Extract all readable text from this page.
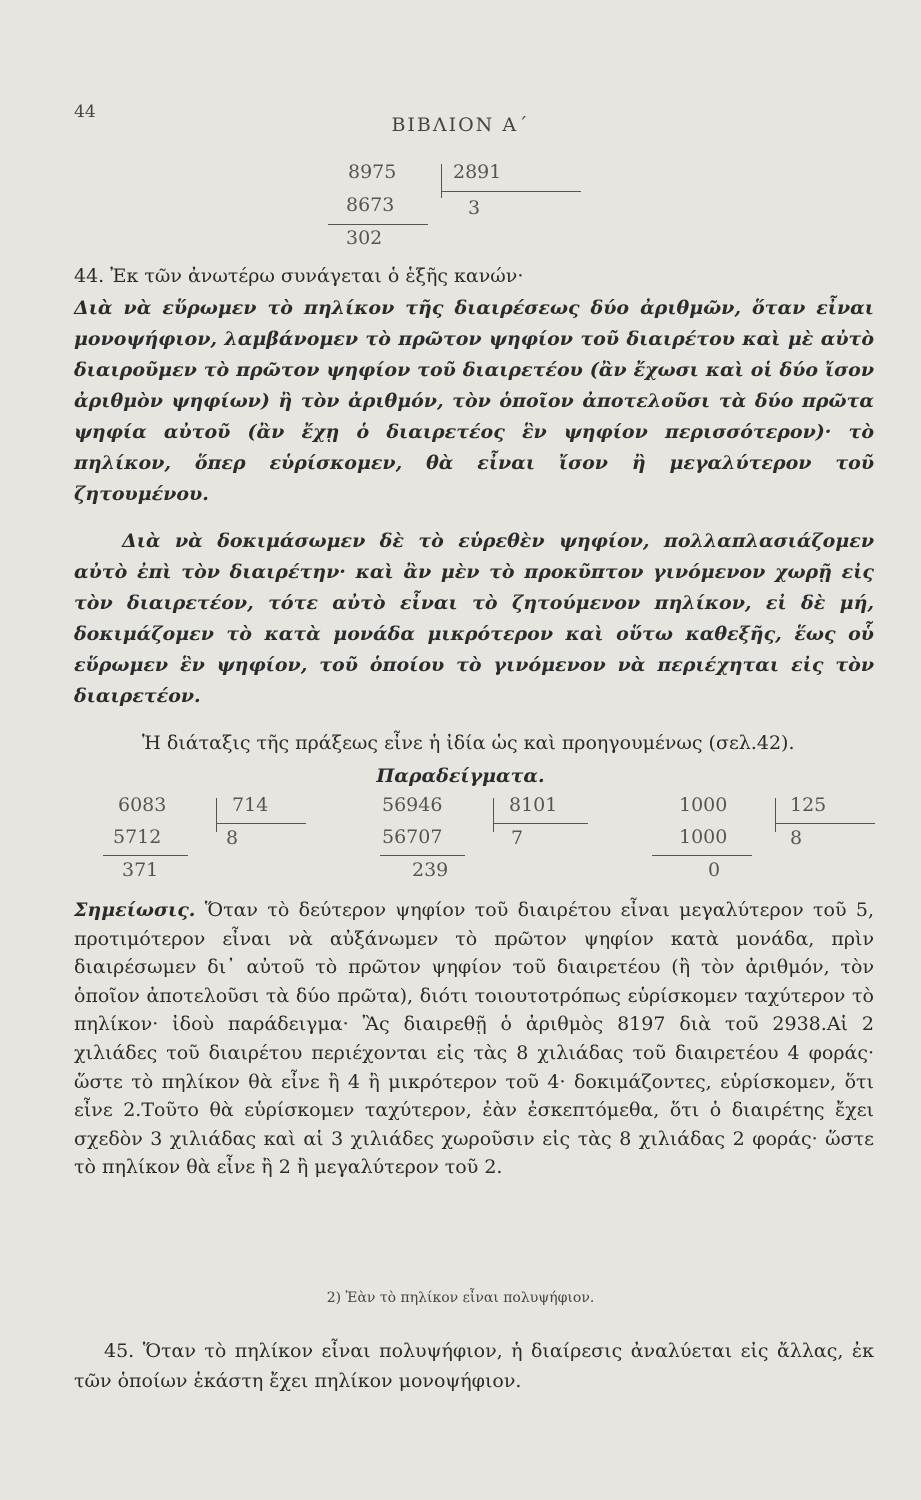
44
ΒΙΒΛΙΟΝ Α΄
8975	2891
8673	3
302

44. Ἐκ τῶν ἀνωτέρω συνάγεται ὁ ἑξῆς κανών·

Διὰ νὰ εὕρωμεν τὸ πηλίκον τῆς διαιρέσεως δύο ἀριθμῶν, ὅταν εἶναι μονοψήφιον, λαμβάνομεν τὸ πρῶτον ψηφίον τοῦ διαιρέτου καὶ μὲ αὐτὸ διαιροῦμεν τὸ πρῶτον ψηφίον τοῦ διαιρετέου (ἂν ἔχωσι καὶ οἱ δύο ἴσον ἀριθμὸν ψηφίων) ἢ τὸν ἀριθμόν, τὸν ὁποῖον ἀποτελοῦσι τὰ δύο πρῶτα ψηφία αὐτοῦ (ἂν ἔχῃ ὁ διαιρετέος ἓν ψηφίον περισσότερον)· τὸ πηλίκον, ὅπερ εὑρίσκομεν, θὰ εἶναι ἴσον ἢ μεγαλύτερον τοῦ ζητουμένου.

Διὰ νὰ δοκιμάσωμεν δὲ τὸ εὑρεθὲν ψηφίον, πολλαπλασιάζομεν αὐτὸ ἐπὶ τὸν διαιρέτην· καὶ ἂν μὲν τὸ προκῦπτον γινόμενον χωρῇ εἰς τὸν διαιρετέον, τότε αὐτὸ εἶναι τὸ ζητούμενον πηλίκον, εἰ δὲ μή, δοκιμάζομεν τὸ κατὰ μονάδα μικρότερον καὶ οὕτω καθεξῆς, ἕως οὗ εὕρωμεν ἓν ψηφίον, τοῦ ὁποίου τὸ γινόμενον νὰ περιέχηται εἰς τὸν διαιρετέον.

Ἡ διάταξις τῆς πράξεως εἶνε ἡ ἰδία ὡς καὶ προηγουμένως (σελ.42).

Παραδείγματα.
6083	714
5712	8
371
56946	8101
56707	7
239
1000	125
1000	8
0

Σημείωσις. Ὅταν τὸ δεύτερον ψηφίον τοῦ διαιρέτου εἶναι μεγαλύτερον τοῦ 5, προτιμότερον εἶναι νὰ αὐξάνωμεν τὸ πρῶτον ψηφίον κατὰ μονάδα, πρὶν διαιρέσωμεν δι᾿ αὐτοῦ τὸ πρῶτον ψηφίον τοῦ διαιρετέου (ἢ τὸν ἀριθμόν, τὸν ὁποῖον ἀποτελοῦσι τὰ δύο πρῶτα), διότι τοιουτοτρόπως εὑρίσκομεν ταχύτερον τὸ πηλίκον· ἰδοὺ παράδειγμα· Ἂς διαιρεθῇ ὁ ἀριθμὸς 8197 διὰ τοῦ 2938.Αἱ 2 χιλιάδες τοῦ διαιρέτου περιέχονται εἰς τὰς 8 χιλιάδας τοῦ διαιρετέου 4 φοράς· ὥστε τὸ πηλίκον θὰ εἶνε ἢ 4 ἢ μικρότερον τοῦ 4· δοκιμάζοντες, εὑρίσκομεν, ὅτι εἶνε 2.Τοῦτο θὰ εὑρίσκομεν ταχύτερον, ἐὰν ἐσκεπτόμεθα, ὅτι ὁ διαιρέτης ἔχει σχεδὸν 3 χιλιάδας καὶ αἱ 3 χιλιάδες χωροῦσιν εἰς τὰς 8 χιλιάδας 2 φοράς· ὥστε τὸ πηλίκον θὰ εἶνε ἢ 2 ἢ μεγαλύτερον τοῦ 2.

2) Ἐὰν τὸ πηλίκον εἶναι πολυψήφιον.

45. Ὅταν τὸ πηλίκον εἶναι πολυψήφιον, ἡ διαίρεσις ἀναλύεται εἰς ἄλλας, ἐκ τῶν ὁποίων ἑκάστη ἔχει πηλίκον μονοψήφιον.
